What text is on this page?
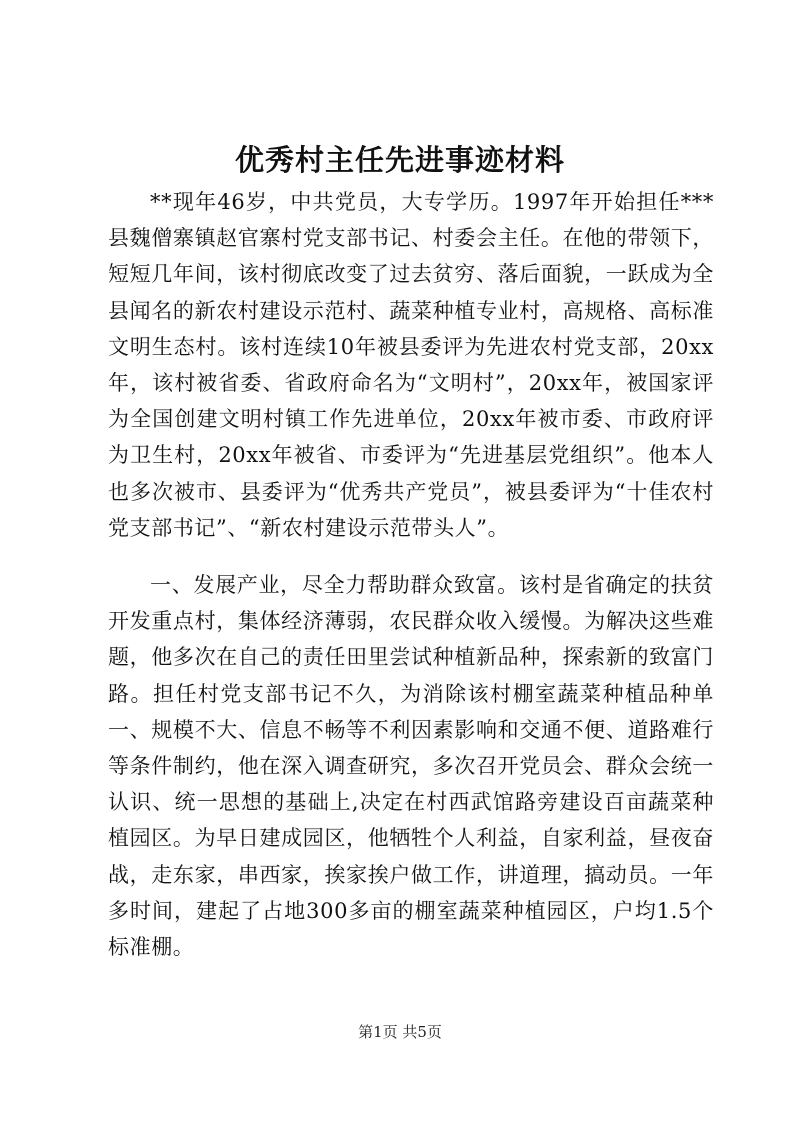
优秀村主任先进事迹材料

**现年46岁，中共党员，大专学历。1997年开始担任***县魏僧寨镇赵官寨村党支部书记、村委会主任。在他的带领下，短短几年间，该村彻底改变了过去贫穷、落后面貌，一跃成为全县闻名的新农村建设示范村、蔬菜种植专业村，高规格、高标准文明生态村。该村连续10年被县委评为先进农村党支部，20xx年，该村被省委、省政府命名为“文明村”，20xx年，被国家评为全国创建文明村镇工作先进单位，20xx年被市委、市政府评为卫生村，20xx年被省、市委评为“先进基层党组织”。他本人也多次被市、县委评为“优秀共产党员”，被县委评为“十佳农村党支部书记”、“新农村建设示范带头人”。

一、发展产业，尽全力帮助群众致富。该村是省确定的扶贫开发重点村，集体经济薄弱，农民群众收入缓慢。为解决这些难题，他多次在自己的责任田里尝试种植新品种，探索新的致富门路。担任村党支部书记不久，为消除该村棚室蔬菜种植品种单一、规模不大、信息不畅等不利因素影响和交通不便、道路难行等条件制约，他在深入调查研究，多次召开党员会、群众会统一认识、统一思想的基础上,决定在村西武馆路旁建设百亩蔬菜种植园区。为早日建成园区，他牺牲个人利益，自家利益，昼夜奋战，走东家，串西家，挨家挨户做工作，讲道理，搞动员。一年多时间，建起了占地300多亩的棚室蔬菜种植园区，户均1.5个标准棚。

第1页 共5页
